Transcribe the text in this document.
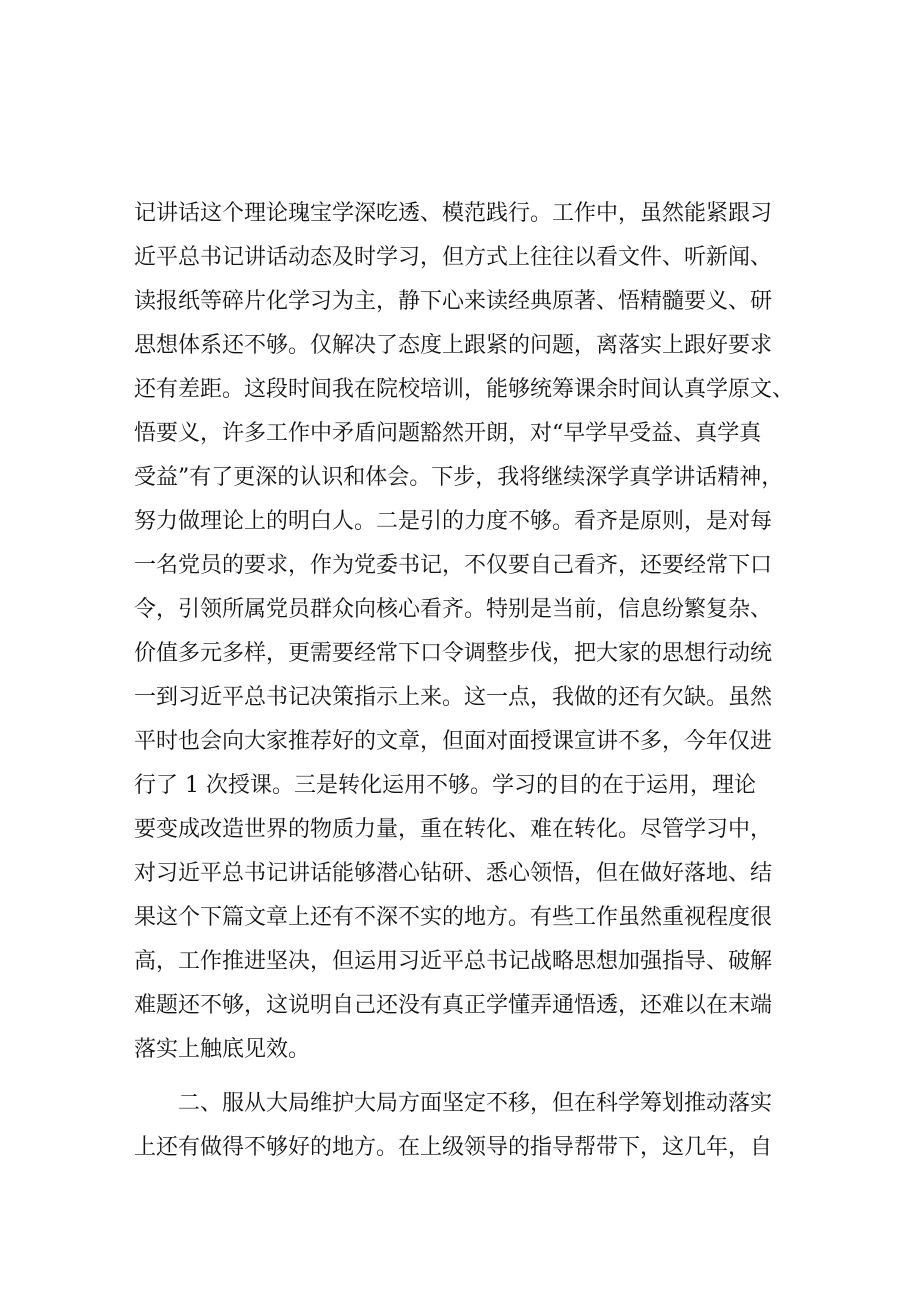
记讲话这个理论瑰宝学深吃透、模范践行。工作中，虽然能紧跟习
近平总书记讲话动态及时学习，但方式上往往以看文件、听新闻、
读报纸等碎片化学习为主，静下心来读经典原著、悟精髓要义、研
思想体系还不够。仅解决了态度上跟紧的问题，离落实上跟好要求
还有差距。这段时间我在院校培训，能够统筹课余时间认真学原文、
悟要义，许多工作中矛盾问题豁然开朗，对“早学早受益、真学真
受益”有了更深的认识和体会。下步，我将继续深学真学讲话精神，
努力做理论上的明白人。二是引的力度不够。看齐是原则，是对每
一名党员的要求，作为党委书记，不仅要自己看齐，还要经常下口
令，引领所属党员群众向核心看齐。特别是当前，信息纷繁复杂、
价值多元多样，更需要经常下口令调整步伐，把大家的思想行动统
一到习近平总书记决策指示上来。这一点，我做的还有欠缺。虽然
平时也会向大家推荐好的文章，但面对面授课宣讲不多，今年仅进
行了 1 次授课。三是转化运用不够。学习的目的在于运用，理论
要变成改造世界的物质力量，重在转化、难在转化。尽管学习中，
对习近平总书记讲话能够潜心钻研、悉心领悟，但在做好落地、结
果这个下篇文章上还有不深不实的地方。有些工作虽然重视程度很
高，工作推进坚决，但运用习近平总书记战略思想加强指导、破解
难题还不够，这说明自己还没有真正学懂弄通悟透，还难以在末端
落实上触底见效。
二、服从大局维护大局方面坚定不移，但在科学筹划推动落实
上还有做得不够好的地方。在上级领导的指导帮带下，这几年，自
